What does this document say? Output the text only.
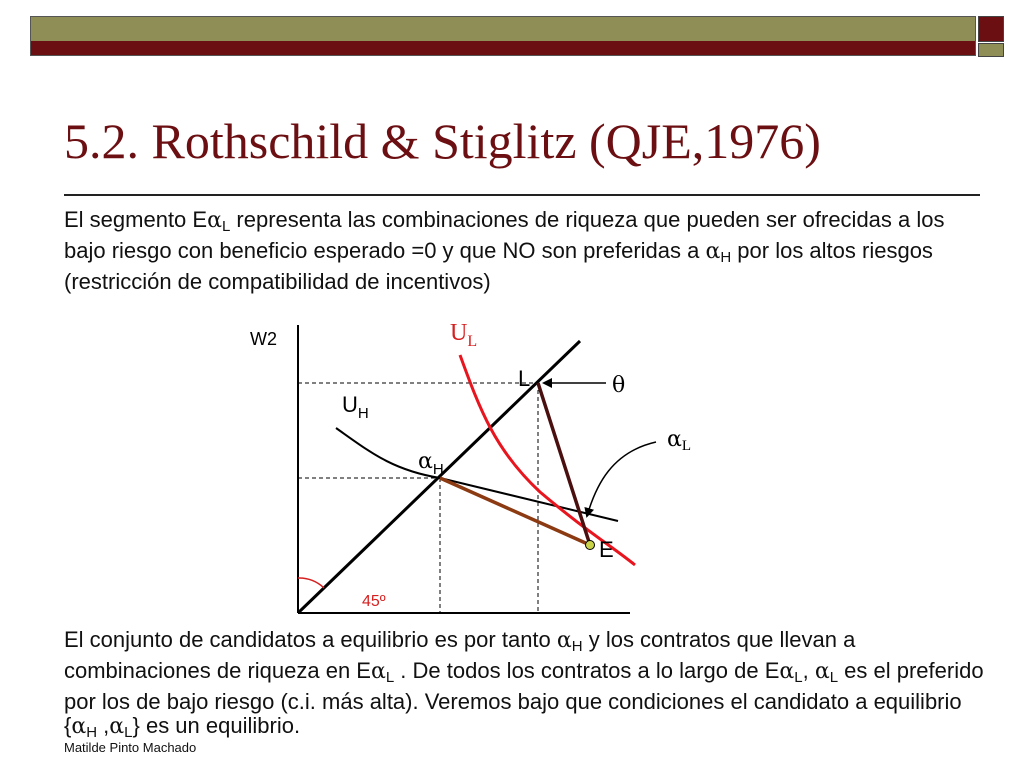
5.2. Rothschild & Stiglitz (QJE,1976)

El segmento $E\alpha_L$ representa las combinaciones de riqueza que pueden ser ofrecidas a los bajo riesgo con beneficio esperado =0 y que NO son preferidas a $\alpha_H$ por los altos riesgos (restricción de compatibilidad de incentivos)

W2
45º
$U_L$
$U_H$
L
E
$\alpha_H$
αL
θ

El conjunto de candidatos a equilibrio es por tanto $\alpha_H$ y los contratos que llevan a combinaciones de riqueza en $E\alpha_L$ . De todos los contratos a lo largo de $E\alpha_L$, $\alpha_L$ es el preferido por los de bajo riesgo (c.i. más alta). Veremos bajo que condiciones el candidato a equilibrio {$\alpha_H$ $,\alpha_L$} es un equilibrio.

Matilde Pinto Machado
